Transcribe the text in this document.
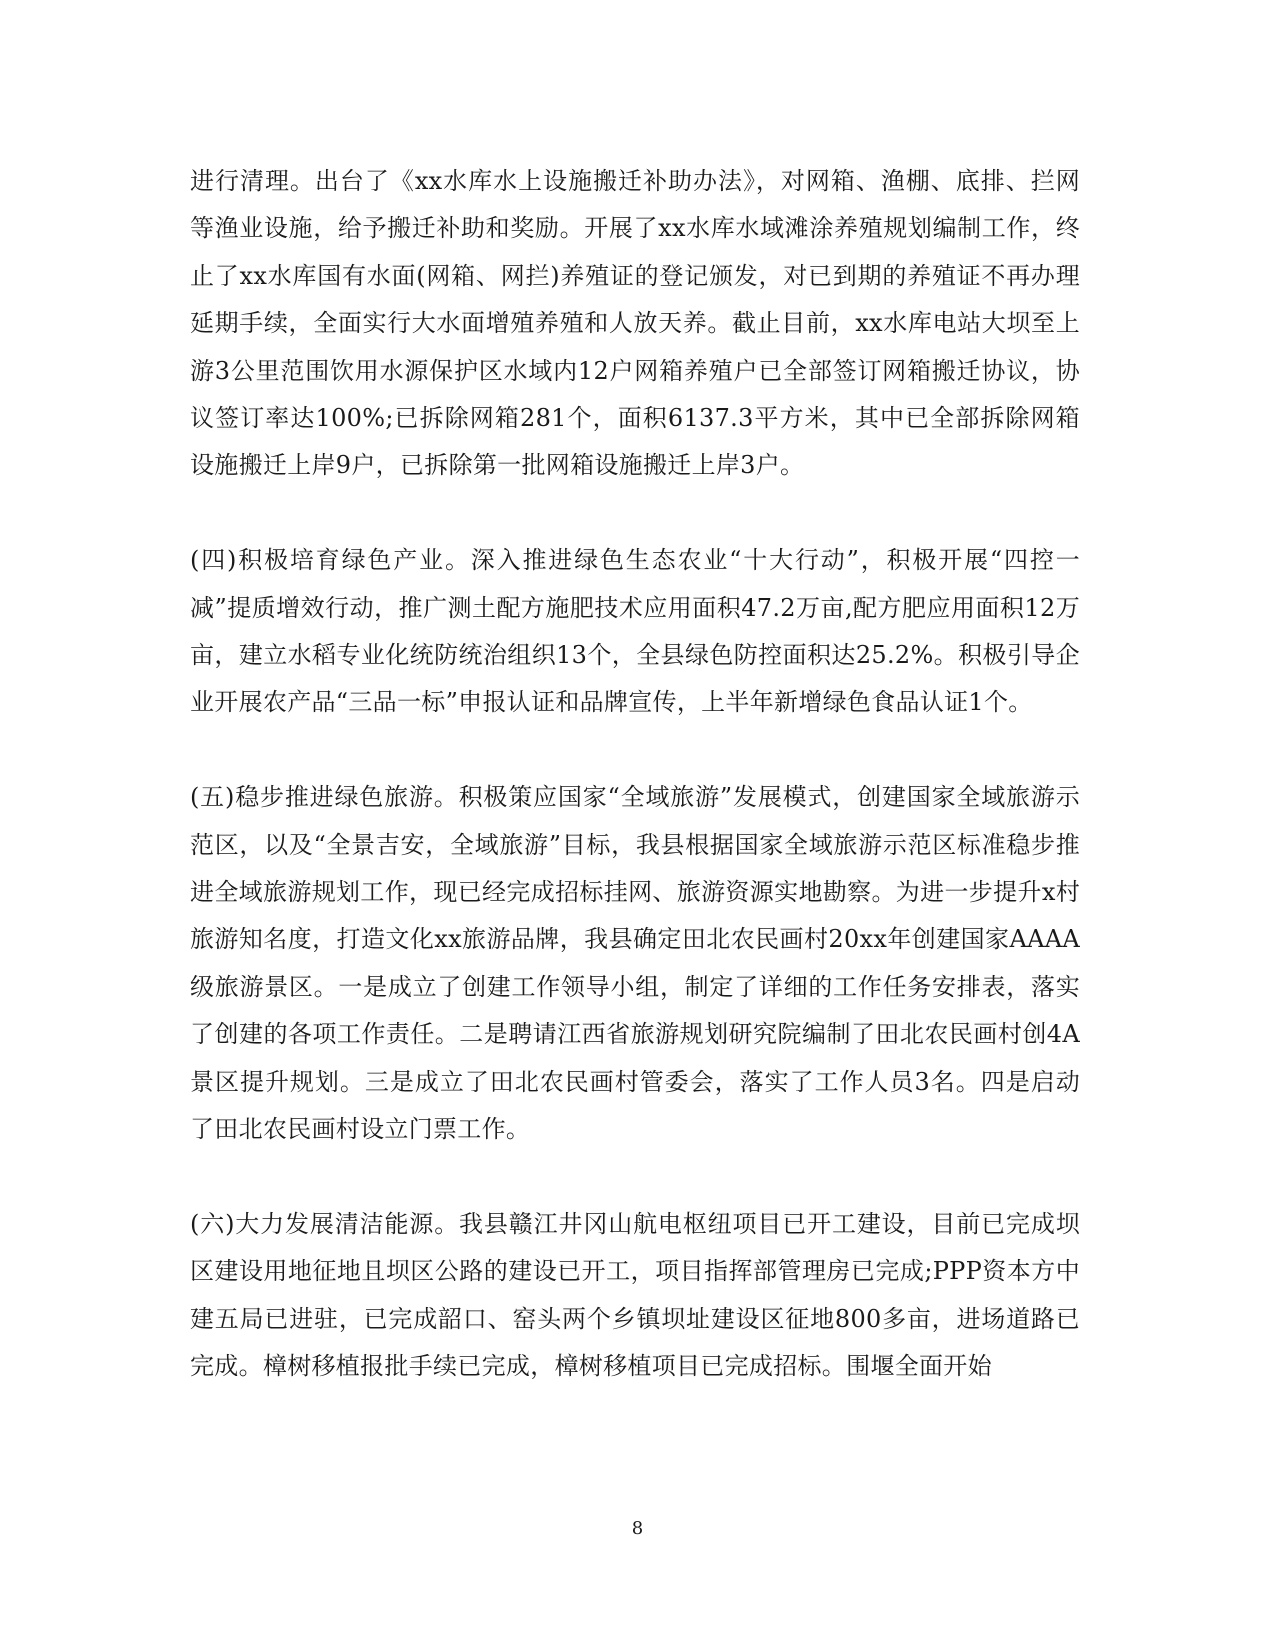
进行清理。出台了《xx水库水上设施搬迁补助办法》，对网箱、渔棚、底排、拦网等渔业设施，给予搬迁补助和奖励。开展了xx水库水域滩涂养殖规划编制工作，终止了xx水库国有水面(网箱、网拦)养殖证的登记颁发，对已到期的养殖证不再办理延期手续，全面实行大水面增殖养殖和人放天养。截止目前，xx水库电站大坝至上游3公里范围饮用水源保护区水域内12户网箱养殖户已全部签订网箱搬迁协议，协议签订率达100%;已拆除网箱281个，面积6137.3平方米，其中已全部拆除网箱设施搬迁上岸9户，已拆除第一批网箱设施搬迁上岸3户。

(四)积极培育绿色产业。深入推进绿色生态农业“十大行动”，积极开展“四控一减”提质增效行动，推广测土配方施肥技术应用面积47.2万亩,配方肥应用面积12万亩，建立水稻专业化统防统治组织13个，全县绿色防控面积达25.2%。积极引导企业开展农产品“三品一标”申报认证和品牌宣传，上半年新增绿色食品认证1个。

(五)稳步推进绿色旅游。积极策应国家“全域旅游”发展模式，创建国家全域旅游示范区，以及“全景吉安，全域旅游”目标，我县根据国家全域旅游示范区标准稳步推进全域旅游规划工作，现已经完成招标挂网、旅游资源实地勘察。为进一步提升x村旅游知名度，打造文化xx旅游品牌，我县确定田北农民画村20xx年创建国家AAAA级旅游景区。一是成立了创建工作领导小组，制定了详细的工作任务安排表，落实了创建的各项工作责任。二是聘请江西省旅游规划研究院编制了田北农民画村创4A景区提升规划。三是成立了田北农民画村管委会，落实了工作人员3名。四是启动了田北农民画村设立门票工作。

(六)大力发展清洁能源。我县赣江井冈山航电枢纽项目已开工建设，目前已完成坝区建设用地征地且坝区公路的建设已开工，项目指挥部管理房已完成;PPP资本方中建五局已进驻，已完成韶口、窑头两个乡镇坝址建设区征地800多亩，进场道路已完成。樟树移植报批手续已完成，樟树移植项目已完成招标。围堰全面开始

8
